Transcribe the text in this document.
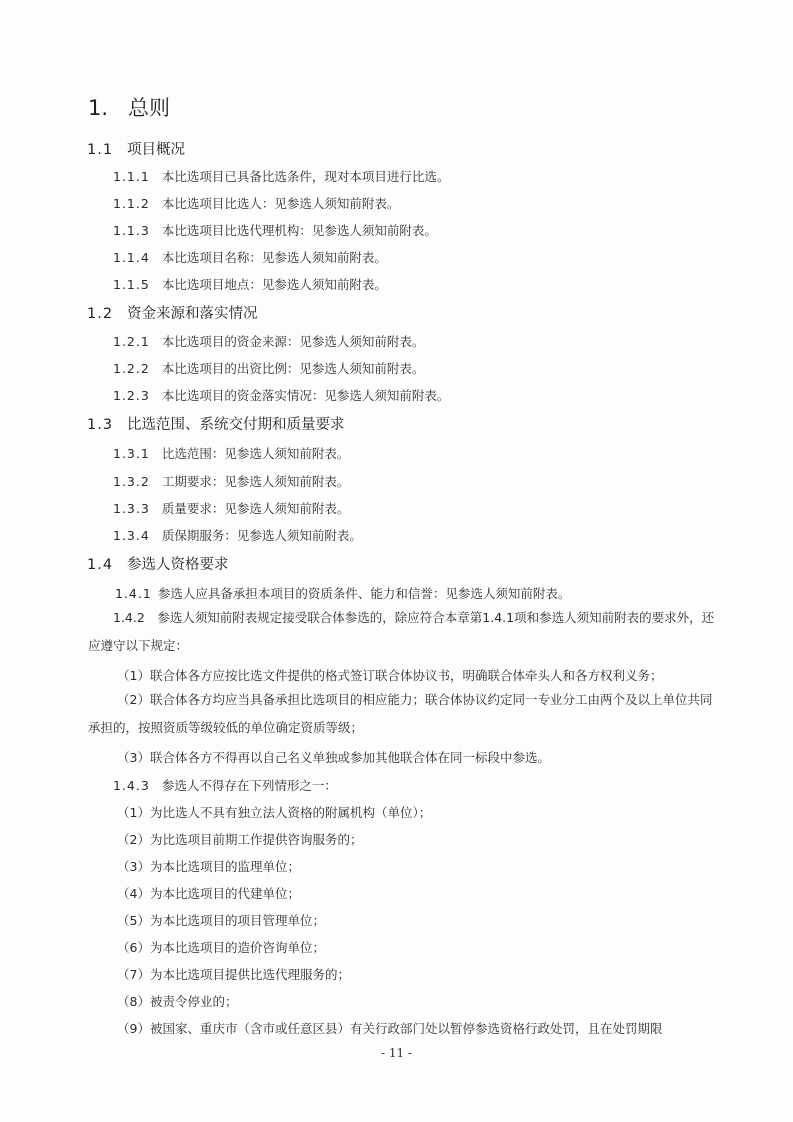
1. 总则
1.1 项目概况
1.1.1 本比选项目已具备比选条件，现对本项目进行比选。
1.1.2 本比选项目比选人：见参选人须知前附表。
1.1.3 本比选项目比选代理机构：见参选人须知前附表。
1.1.4 本比选项目名称：见参选人须知前附表。
1.1.5 本比选项目地点：见参选人须知前附表。
1.2 资金来源和落实情况
1.2.1 本比选项目的资金来源：见参选人须知前附表。
1.2.2 本比选项目的出资比例：见参选人须知前附表。
1.2.3 本比选项目的资金落实情况：见参选人须知前附表。
1.3 比选范围、系统交付期和质量要求
1.3.1 比选范围：见参选人须知前附表。
1.3.2 工期要求：见参选人须知前附表。
1.3.3 质量要求：见参选人须知前附表。
1.3.4 质保期服务：见参选人须知前附表。
1.4 参选人资格要求
1.4.1 参选人应具备承担本项目的资质条件、能力和信誉：见参选人须知前附表。

1.4.2　参选人须知前附表规定接受联合体参选的，除应符合本章第1.4.1项和参选人须知前附表的要求外，还应遵守以下规定：

（1）联合体各方应按比选文件提供的格式签订联合体协议书，明确联合体牵头人和各方权利义务；

（2）联合体各方均应当具备承担比选项目的相应能力；联合体协议约定同一专业分工由两个及以上单位共同承担的，按照资质等级较低的单位确定资质等级；

（3）联合体各方不得再以自己名义单独或参加其他联合体在同一标段中参选。
1.4.3 参选人不得存在下列情形之一：
（1）为比选人不具有独立法人资格的附属机构（单位）；
（2）为比选项目前期工作提供咨询服务的；
（3）为本比选项目的监理单位；
（4）为本比选项目的代建单位；
（5）为本比选项目的项目管理单位；
（6）为本比选项目的造价咨询单位；
（7）为本比选项目提供比选代理服务的；
（8）被责令停业的；
（9）被国家、重庆市（含市或任意区县）有关行政部门处以暂停参选资格行政处罚，且在处罚期限
- 11 -
